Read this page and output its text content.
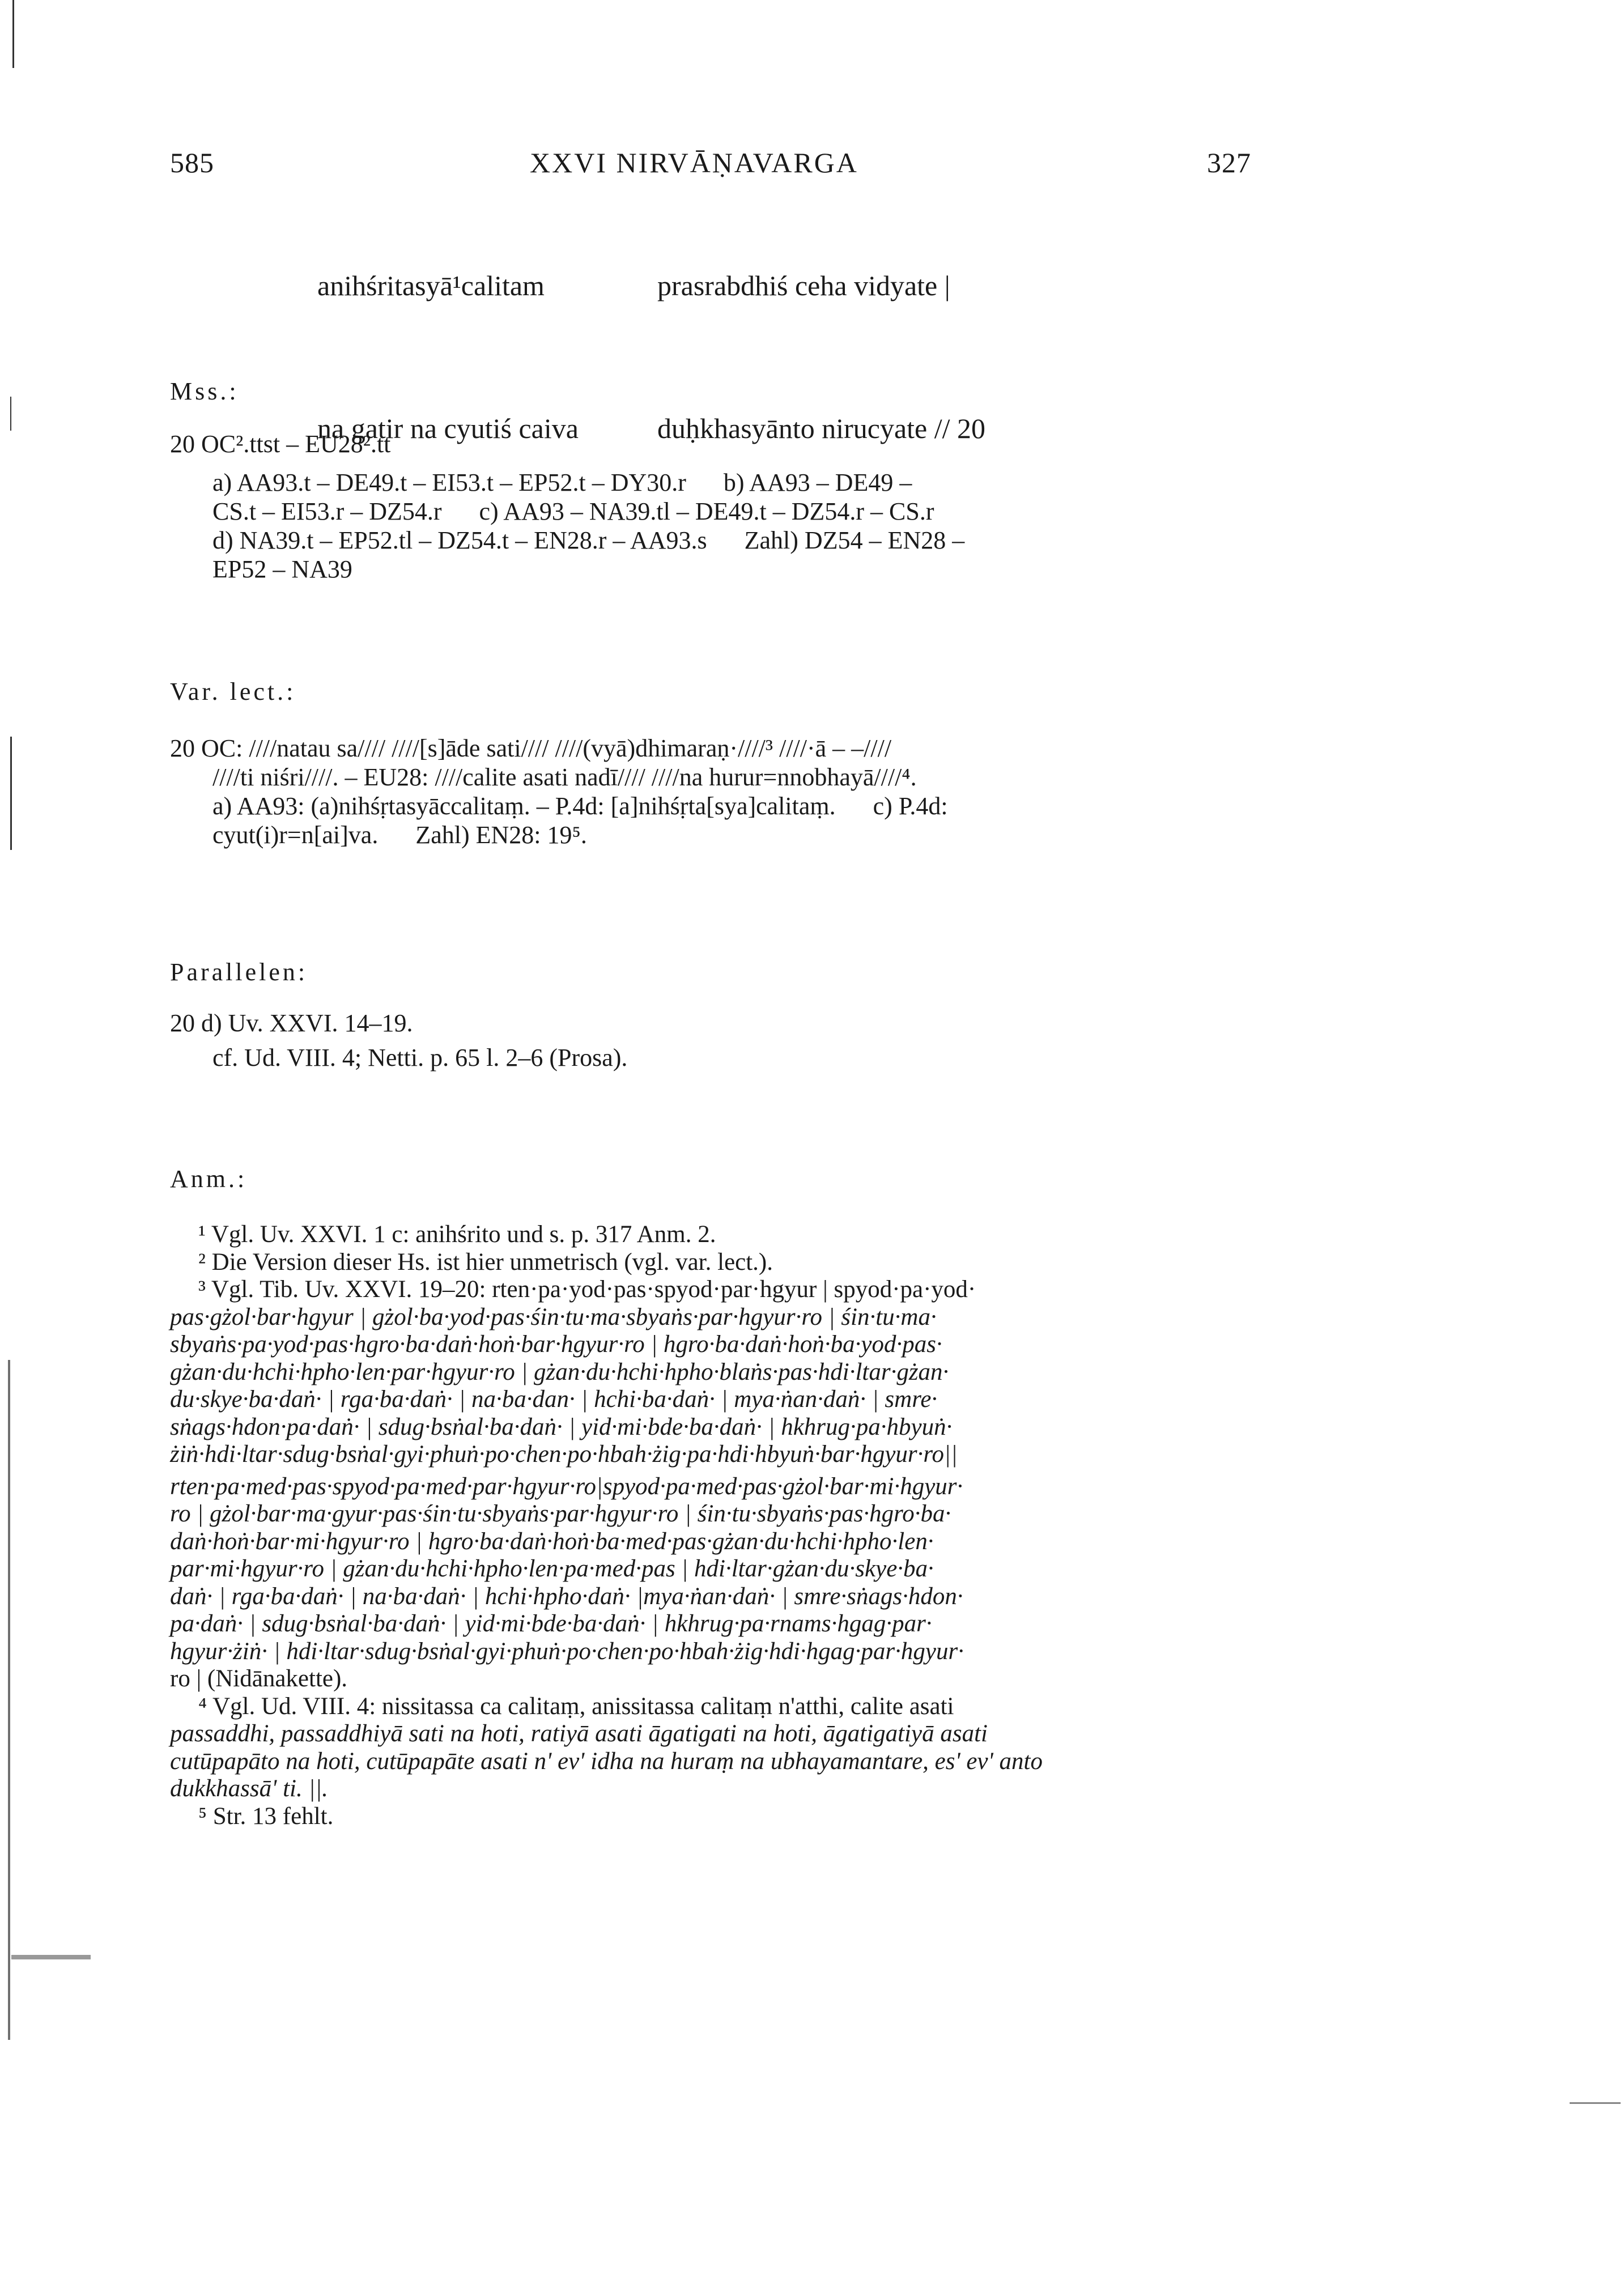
585	XXVI NIRVĀṆAVARGA	327

anihśritasyā¹calitam	prasrabdhiś ceha vidyate |

na gatir na cyutiś caiva	duḥkhasyānto nirucyate // 20

Mss.:
20 OC².ttst – EU28².tt
a) AA93.t – DE49.t – EI53.t – EP52.t – DY30.r      b) AA93 – DE49 –
CS.t – EI53.r – DZ54.r      c) AA93 – NA39.tl – DE49.t – DZ54.r – CS.r
d) NA39.t – EP52.tl – DZ54.t – EN28.r – AA93.s      Zahl) DZ54 – EN28 –
EP52 – NA39
Var. lect.:
20 OC: ////natau sa//// ////[s]āde sati//// ////(vyā)dhimaraṇ·////³ ////·ā – –////
////ti niśri////. – EU28: ////calite asati nadī//// ////na hurur=nnobhayā////⁴.
a) AA93: (a)nihśṛtasyāccalitaṃ. – P.4d: [a]nihśṛta[sya]calitaṃ.      c) P.4d:
cyut(i)r=n[ai]va.      Zahl) EN28: 19⁵.
Parallelen:
20 d) Uv. XXVI. 14–19.
cf. Ud. VIII. 4; Netti. p. 65 l. 2–6 (Prosa).
Anm.:
¹ Vgl. Uv. XXVI. 1 c: anihśrito und s. p. 317 Anm. 2.
² Die Version dieser Hs. ist hier unmetrisch (vgl. var. lect.).
³ Vgl. Tib. Uv. XXVI. 19–20: rten·pa·yod·pas·spyod·par·hgyur | spyod·pa·yod·
pas·gżol·bar·hgyur | gżol·ba·yod·pas·śin·tu·ma·sbyaṅs·par·hgyur·ro | śin·tu·ma·
sbyaṅs·pa·yod·pas·hgro·ba·daṅ·hoṅ·bar·hgyur·ro | hgro·ba·daṅ·hoṅ·ba·yod·pas·
gżan·du·hchi·hpho·len·par·hgyur·ro | gżan·du·hchi·hpho·blaṅs·pas·hdi·ltar·gżan·
du·skye·ba·daṅ· | rga·ba·daṅ· | na·ba·dan· | hchi·ba·daṅ· | mya·ṅan·daṅ· | smre·
sṅags·hdon·pa·daṅ· | sdug·bsṅal·ba·daṅ· | yid·mi·bde·ba·daṅ· | hkhrug·pa·hbyuṅ·
żiṅ·hdi·ltar·sdug·bsṅal·gyi·phuṅ·po·chen·po·hbah·żig·pa·hdi·hbyuṅ·bar·hgyur·ro||
rten·pa·med·pas·spyod·pa·med·par·hgyur·ro|spyod·pa·med·pas·gżol·bar·mi·hgyur·
ro | gżol·bar·ma·gyur·pas·śin·tu·sbyaṅs·par·hgyur·ro | śin·tu·sbyaṅs·pas·hgro·ba·
daṅ·hoṅ·bar·mi·hgyur·ro | hgro·ba·daṅ·hoṅ·ba·med·pas·gżan·du·hchi·hpho·len·
par·mi·hgyur·ro | gżan·du·hchi·hpho·len·pa·med·pas | hdi·ltar·gżan·du·skye·ba·
daṅ· | rga·ba·daṅ· | na·ba·daṅ· | hchi·hpho·daṅ· |mya·ṅan·daṅ· | smre·sṅags·hdon·
pa·daṅ· | sdug·bsṅal·ba·daṅ· | yid·mi·bde·ba·daṅ· | hkhrug·pa·rnams·hgag·par·
hgyur·żiṅ· | hdi·ltar·sdug·bsṅal·gyi·phuṅ·po·chen·po·hbah·żig·hdi·hgag·par·hgyur·
ro | (Nidānakette).
⁴ Vgl. Ud. VIII. 4: nissitassa ca calitaṃ, anissitassa calitaṃ n'atthi, calite asati
passaddhi, passaddhiyā sati na hoti, ratiyā asati āgatigati na hoti, āgatigatiyā asati
cutūpapāto na hoti, cutūpapāte asati n' ev' idha na huraṃ na ubhayamantare, es' ev' anto
dukkhassā' ti. ||.
⁵ Str. 13 fehlt.
